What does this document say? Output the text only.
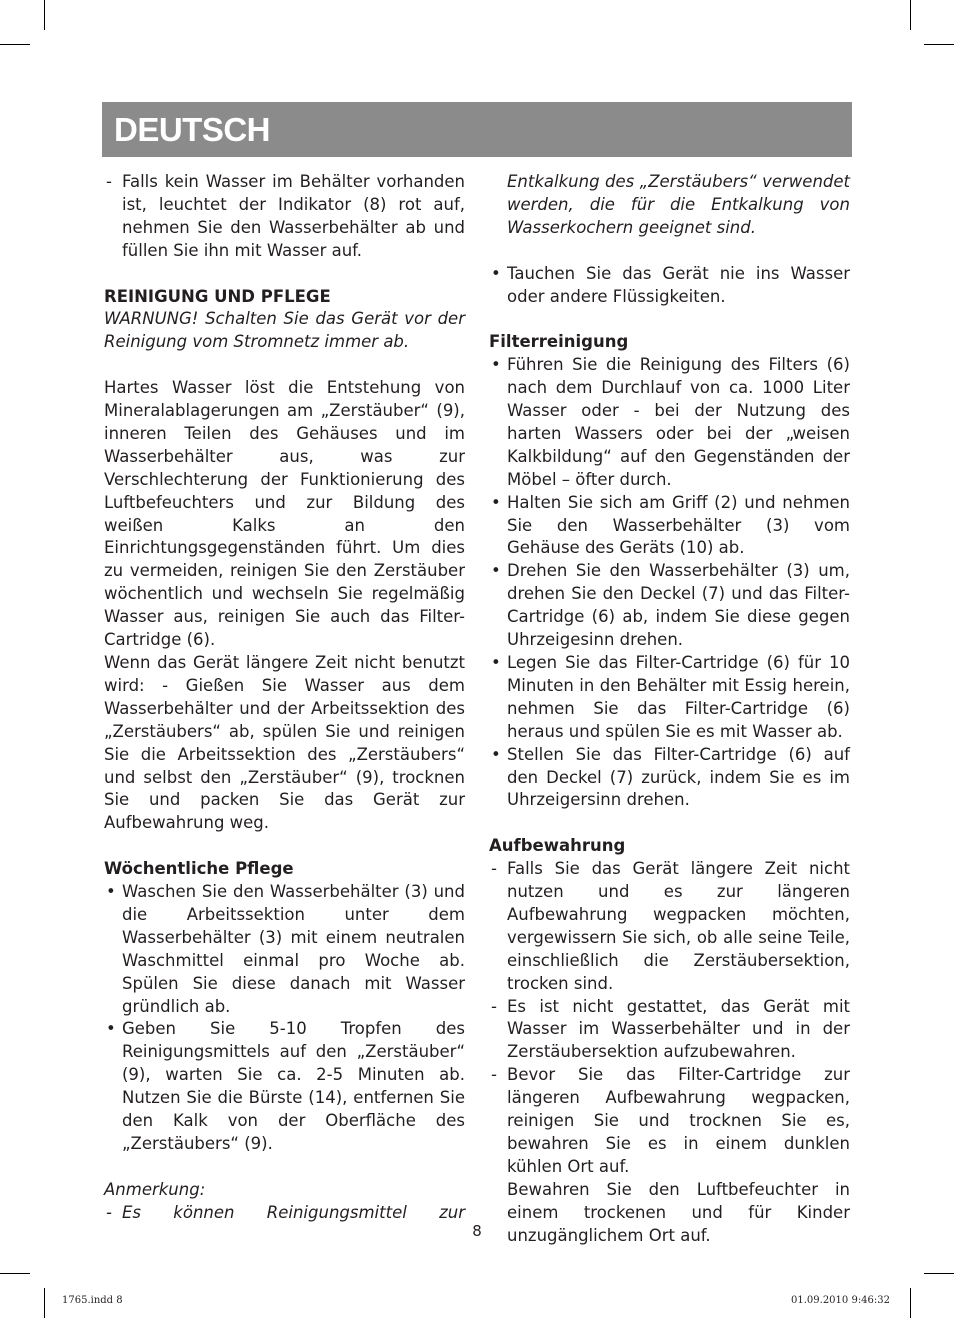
DEUTSCH
- Falls kein Wasser im Behälter vorhanden ist, leuchtet der Indikator (8) rot auf, nehmen Sie den Wasserbehälter ab und füllen Sie ihn mit Wasser auf.

REINIGUNG UND PFLEGE

WARNUNG! Schalten Sie das Gerät vor der Reinigung vom Stromnetz immer ab.

Hartes Wasser löst die Entstehung von Mineralablagerungen am „Zerstäuber“ (9), inneren Teilen des Gehäuses und im Wasserbehälter aus, was zur Verschlechterung der Funktionierung des Luftbefeuchters und zur Bildung des weißen Kalks an den Einrichtungsgegenständen führt. Um dies zu vermeiden, reinigen Sie den Zerstäuber wöchentlich und wechseln Sie regelmäßig Wasser aus, reinigen Sie auch das Filter-Cartridge (6).

Wenn das Gerät längere Zeit nicht benutzt wird: - Gießen Sie Wasser aus dem Wasserbehälter und der Arbeitssektion des „Zerstäubers“ ab, spülen Sie und reinigen Sie die Arbeitssektion des „Zerstäubers“ und selbst den „Zerstäuber“ (9), trocknen Sie und packen Sie das Gerät zur Aufbewahrung weg.

Wöchentliche Pflege

• Waschen Sie den Wasserbehälter (3) und die Arbeitssektion unter dem Wasserbehälter (3) mit einem neutralen Waschmittel einmal pro Woche ab. Spülen Sie diese danach mit Wasser gründlich ab.
• Geben Sie 5-10 Tropfen des Reinigungsmittels auf den „Zerstäuber“ (9), warten Sie ca. 2-5 Minuten ab. Nutzen Sie die Bürste (14), entfernen Sie den Kalk von der Oberfläche des „Zerstäubers“ (9).

Anmerkung:

- Es können Reinigungsmittel zur

Entkalkung des „Zerstäubers“ verwendet werden, die für die Entkalkung von Wasserkochern geeignet sind.

• Tauchen Sie das Gerät nie ins Wasser oder andere Flüssigkeiten.

Filterreinigung

• Führen Sie die Reinigung des Filters (6) nach dem Durchlauf von ca. 1000 Liter Wasser oder - bei der Nutzung des harten Wassers oder bei der „weisen Kalkbildung“ auf den Gegenständen der Möbel – öfter durch.
• Halten Sie sich am Griff (2) und nehmen Sie den Wasserbehälter (3) vom Gehäuse des Geräts (10) ab.
• Drehen Sie den Wasserbehälter (3) um, drehen Sie den Deckel (7) und das Filter-Cartridge (6) ab, indem Sie diese gegen Uhrzeigesinn drehen.
• Legen Sie das Filter-Cartridge (6) für 10 Minuten in den Behälter mit Essig herein, nehmen Sie das Filter-Cartridge (6) heraus und spülen Sie es mit Wasser ab.
• Stellen Sie das Filter-Cartridge (6) auf den Deckel (7) zurück, indem Sie es im Uhrzeigersinn drehen.

Aufbewahrung

- Falls Sie das Gerät längere Zeit nicht nutzen und es zur längeren Aufbewahrung wegpacken möchten, vergewissern Sie sich, ob alle seine Teile, einschließlich die Zerstäubersektion, trocken sind.
- Es ist nicht gestattet, das Gerät mit Wasser im Wasserbehälter und in der Zerstäubersektion aufzubewahren.
- Bevor Sie das Filter-Cartridge zur längeren Aufbewahrung wegpacken, reinigen Sie und trocknen Sie es, bewahren Sie es in einem dunklen kühlen Ort auf.

Bewahren Sie den Luftbefeuchter in einem trockenen und für Kinder unzugänglichem Ort auf.

8
1765.indd 8	01.09.2010 9:46:32
